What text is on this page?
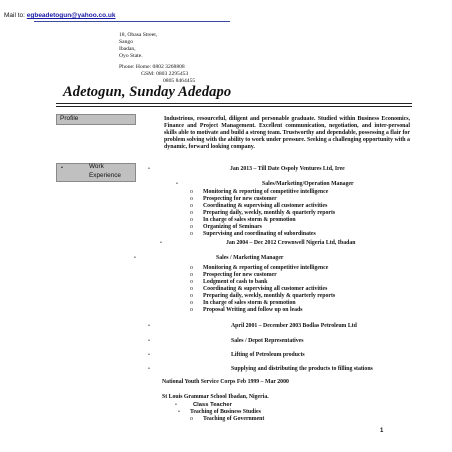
Mail to: egbeadetogun@yahoo.co.uk
18, Obasa Street,
Sango
Ibadan,
Oyo State.
Phone: Home: 0802 3268808
GSM: 0803 2295453
0805 8464455
Adetogun, Sunday Adedapo
Profile	Industrious, resourceful, diligent and personable graduate. Studied within Business Economics, Finance and Project Management. Excellent communication, negotiation, and inter-personal skills able to motivate and build a strong team. Trustworthy and dependable, possessing a flair for problem solving with the ability to work under pressure. Seeking a challenging opportunity with a dynamic, forward looking company.
•	Work
Experience
•	Jan 2013 – Till Date Ospoly Ventures Ltd, Iree
•	Sales/Marketing/Operation Manager
o Monitoring & reporting of competitive intelligence
o Prospecting for new customer
o Coordinating & supervising all customer activities
o Preparing daily, weekly, monthly & quarterly reports
o In charge of sales storm & promotion
o Organizing of Seminars
o Supervising and coordinating of subordinates
•	Jan 2004 – Dec 2012 Crownwell Nigeria Ltd, Ibadan
•	Sales / Marketing Manager
o Monitoring & reporting of competitive intelligence
o Prospecting for new customer
o Lodgment of cash to bank
o Coordinating & supervising all customer activities
o Preparing daily, weekly, monthly & quarterly reports
o In charge of sales storm & promotion
o Proposal Writing and follow up on leads
•	April 2001 – December 2003 Bodlas Petroleum Ltd
•	Sales / Depot Representatives
•	Lifting of Petroleum products
•	Supplying and distributing the products to filling stations
National Youth Service Corps Feb 1999 – Mar 2000
St Louis Grammar School Ibadan, Nigeria.
•	Class Teacher
• Teaching of Business Studies
o Teaching of Government
1
